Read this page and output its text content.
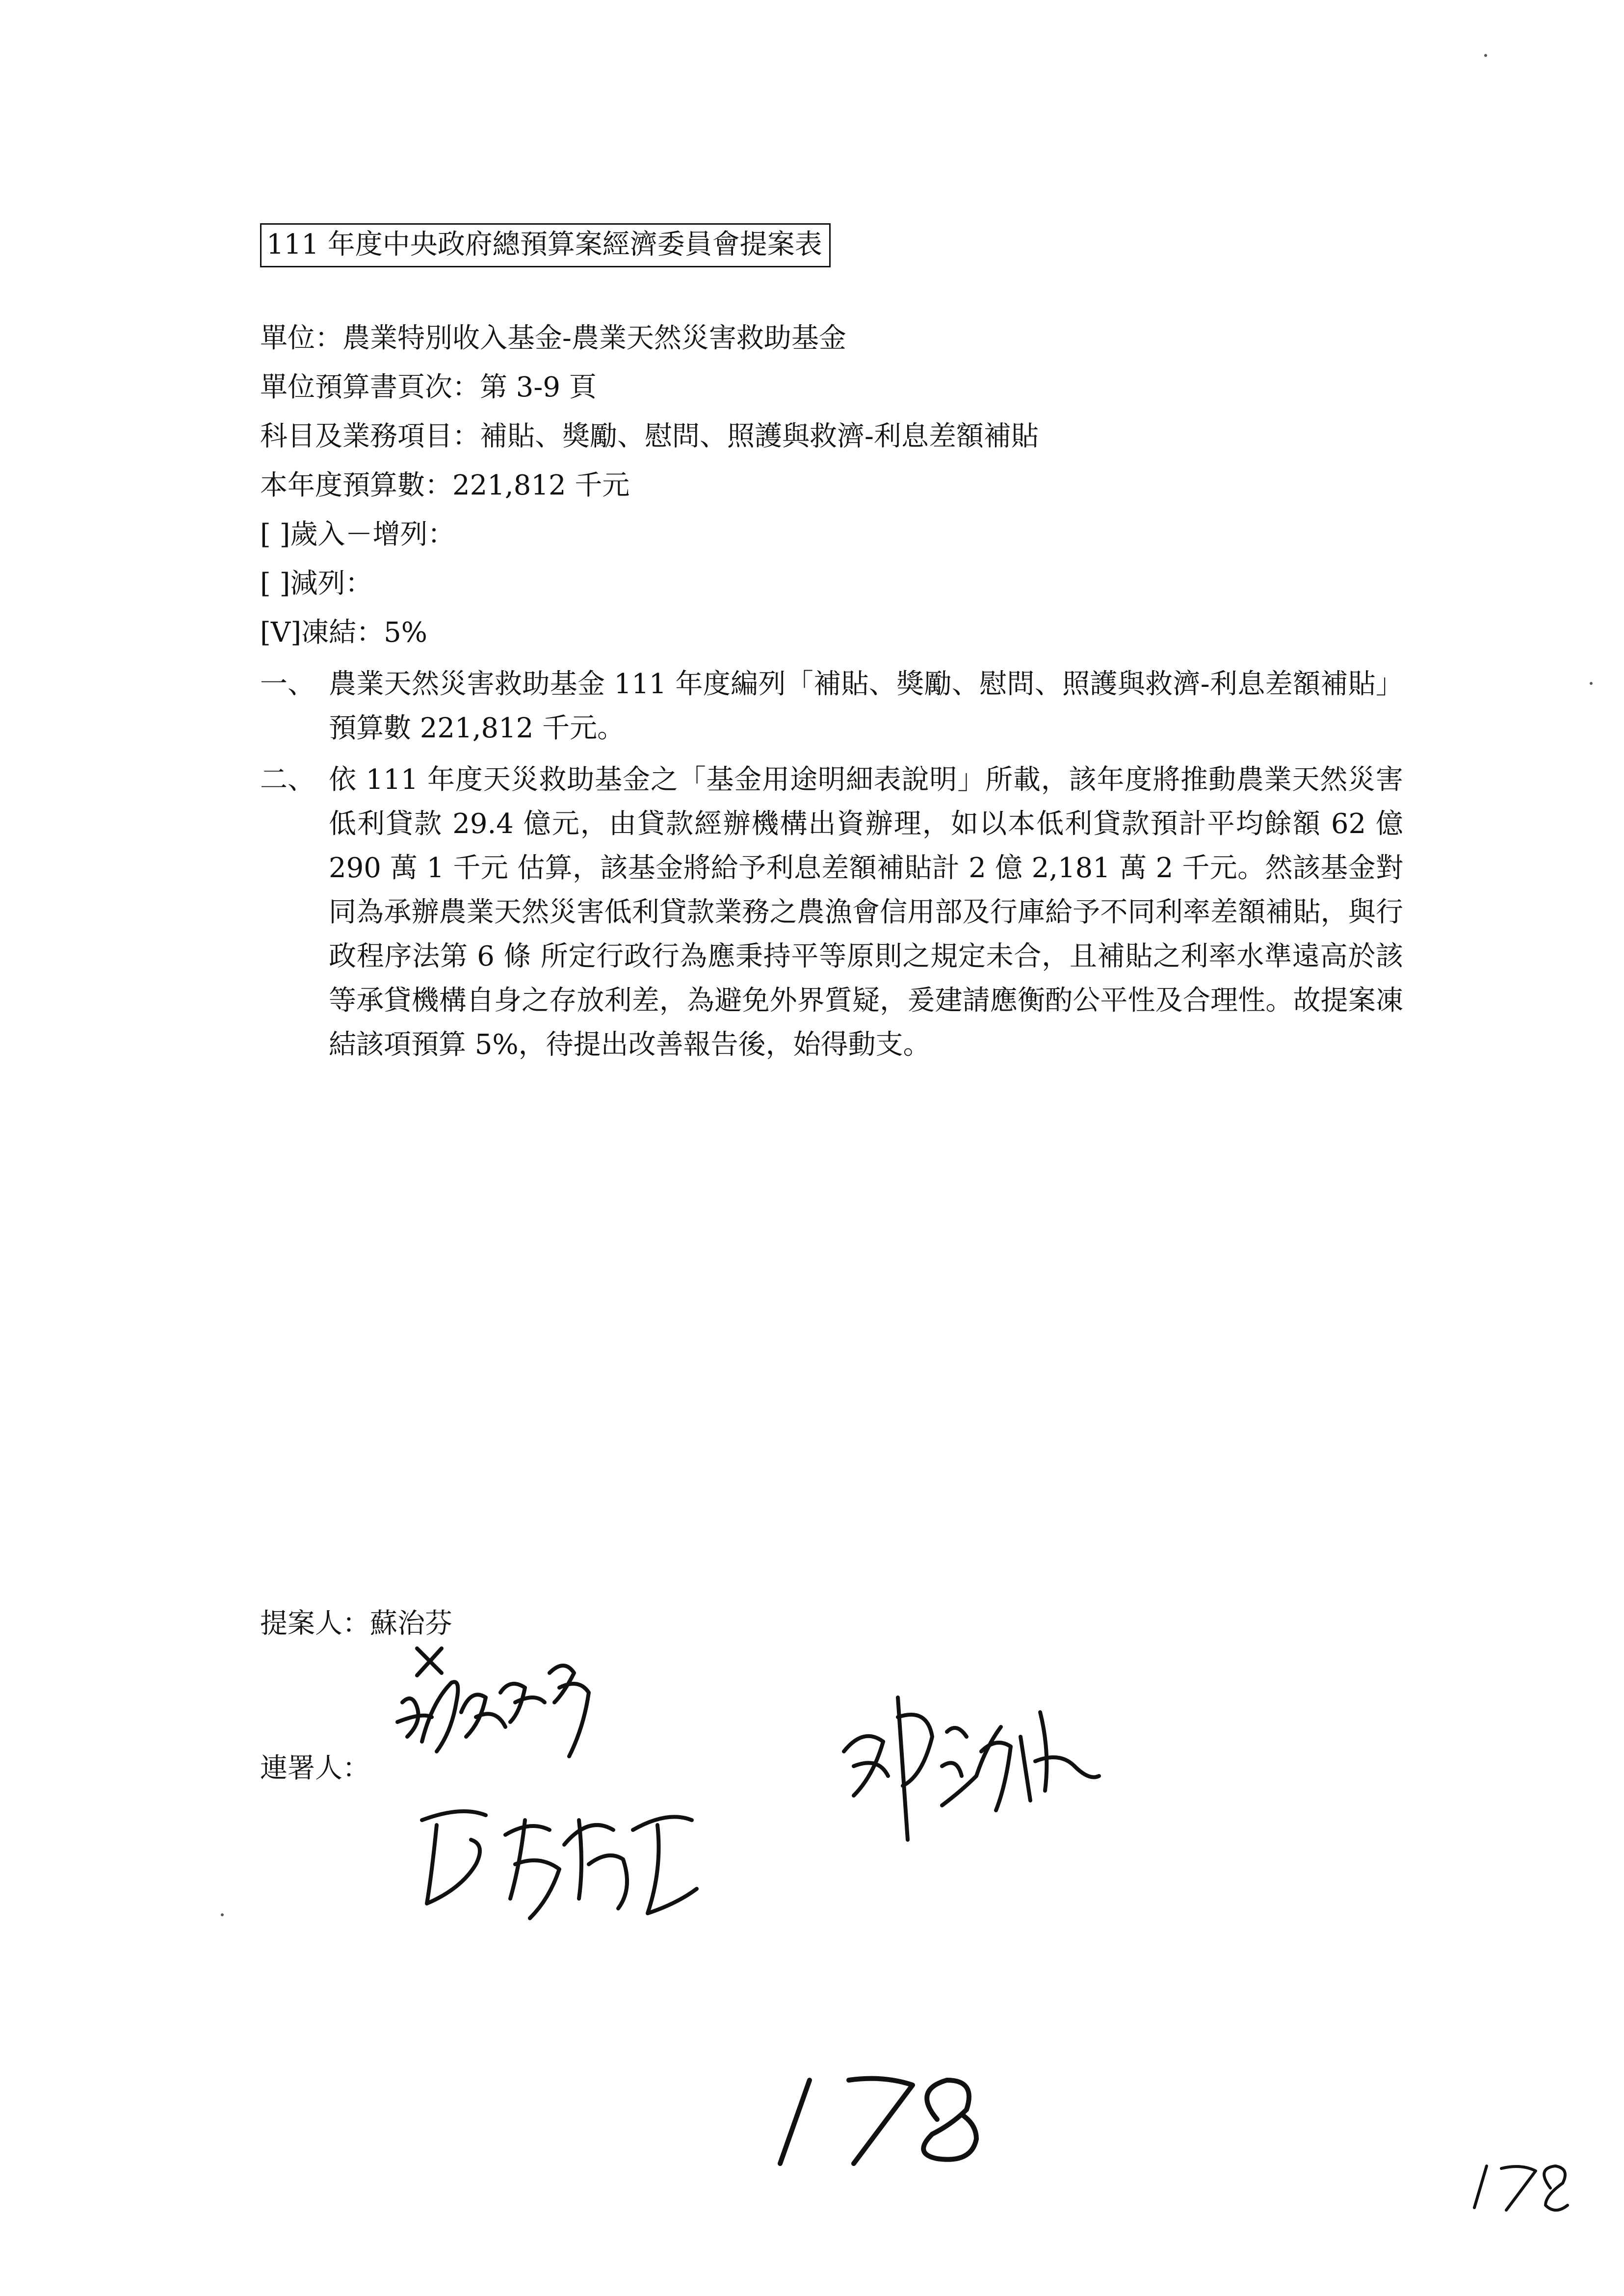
111 年度中央政府總預算案經濟委員會提案表
單位：農業特別收入基金-農業天然災害救助基金
單位預算書頁次：第 3-9 頁
科目及業務項目：補貼、獎勵、慰問、照護與救濟-利息差額補貼
本年度預算數：221,812 千元
[ ]歲入－增列：
[ ]減列：
[V]凍結：5%
一、 農業天然災害救助基金 111 年度編列「補貼、獎勵、慰問、照護與救濟-利息差額補貼」預算數 221,812 千元。
二、 依 111 年度天災救助基金之「基金用途明細表說明」所載，該年度將推動農業天然災害低利貸款 29.4 億元，由貸款經辦機構出資辦理，如以本低利貸款預計平均餘額 62 億 290 萬 1 千元 估算，該基金將給予利息差額補貼計 2 億 2,181 萬 2 千元。然該基金對同為承辦農業天然災害低利貸款業務之農漁會信用部及行庫給予不同利率差額補貼，與行政程序法第 6 條 所定行政行為應秉持平等原則之規定未合，且補貼之利率水準遠高於該等承貸機構自身之存放利差，為避免外界質疑，爰建請應衡酌公平性及合理性。故提案凍結該項預算 5%，待提出改善報告後，始得動支。
提案人：蘇治芬
連署人：
